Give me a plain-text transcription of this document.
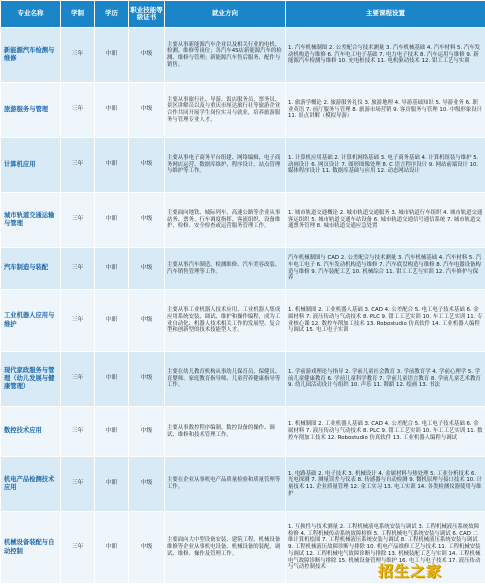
专业名称	学制	学历	职业技能等级证书	就业方向	主要课程设置
新能源汽车检测与维修	三年	中职	中级	主要从事新能源汽车企业以及相关行业的电机、检测、维修等岗位；各汽车4S店新能源汽车的检测、维修与管理；新能源汽车售后服务、配件与销售。	1. 汽车机械制图 2. 公差配合与技术测量 3. 汽车机械基础 4. 汽车材料 5. 汽车发动机构造与维修 6. 汽车电工电子基础 7. 电力电子技术 8. 汽车运用与维修 9. 新能源汽车检测与维修 10. 充电桩技术 11. 电机驱动技术 12. 钳工工艺与实训
旅游服务与管理	三年	中职	中级	主要从事旅行社、导游、饭店服务员、票务员、景区讲解员以及与重庆市厘达旅行社等旅游企业合作共同开展学生岗位实习与就业，培养旅游服务与管理专业人才。	1. 旅游学概论 2. 旅游服务礼仪 3. 旅游地理 4. 导游基础知识 5. 导游业务 6. 职业英语 7. 前厅服务与管理 8. 旅游市场营销 9. 客房服务与管理 10. 中级形象设计 11. 景点讲解（模拟导游）
计算机应用	三年	中职	中级	主要从事电子商务平台组建、网络编辑、电子商务网店运营、数据库维护、程序设计、站点管理与维护等工作。	1. 计算机应用基础 2. 计算机网络基础 3. 电子商务基础 4. 计算机组装与维护 5. 动画设计 6. 网页设计 7. 图形图像处理 8. C 语言程序设计 9. 网站前端设计 10. 媒体程序设计 11. 数据库基础与应用 12. 动态网站设计
城市轨道交通运输与管理	三年	中职	中级	主要面向地铁、城际列车、高速公路等企业从事站务、票务、行车调度指挥、客流组织、设备维护、检修、安全检查或运营服务管理工作。	1. 城市轨道交通概论 2. 城市轨道交通服务 3. 城市轨道行车组织 4. 城市轨道交通客运组织 5. 城市轨道交通车站设备 6. 城市轨道交通信号通信系统 7. 城市轨道交通票务管理 8. 城市轨道交通应急处置
汽车制造与装配	三年	中职	中级	主要从事汽车制造、检测维修、汽车美容改装、汽车销售管理等工作。	汽车机械制图与 CAD 2. 公差配合与技术测量 3. 汽车机械基础 4. 汽车材料 5. 汽车电工电子 6. 汽车发动机构造与维修 7. 汽车底盘构造与维修 8. 汽车电器设备构造与维修 9. 汽车装配工艺 10. 机械综合 11. 钳工工艺与实训 12. 汽车修护与保养
工业机器人应用与维护	三年	中职	中级	主要从事工业机器人技术应用、工业机器人集成应用系统安装、调试、维护和操作编程，成为工业自动化、机器人技术相关工作的发展型、复合型和创新型的技术技能型人才。	1. 机械制图 2. 工业机器人基础 3. CAD 4. 公差配合 5. 电工电子技术基础 6. 金属材料 7. 液压传动与气动技术 8. PLC 9. 钳工工艺实训 10. 车工工艺实训 11. 专业核心课 12. 数控车削加工技术 13. Robostudio 仿真软件 14. 工业机器人编程与调试 15. 电工电子实训
现代家政服务与管理（幼儿发展与健康管理）	三年	中职	中级	主要在幼儿教育机构从事幼儿保育员、保健员、育婴师、家庭教育指导师、儿童营养健康指导等工作。	1. 学前游戏理论与指导 2. 学前儿童社会教育 3. 学前教育学 4. 学前心理学 5. 学前儿童健康教育 6. 学前儿童科学教育 7. 学前儿童语言教育 8. 学前儿童艺术教育 9. 幼儿园活动设计与组织 10. 声乐 11. 舞蹈 12. 绘画 13. 书法
数控技术应用	三年	中职	中级	主要从事数控程序编制、数控设备的操作、调试、维修和技术管理工作。	1. 机械制图 2. 工业机器人基础 3. CAD 4. 公差配合 5. 电工电子技术基础 6. 金属材料 7. 液压传动与气动技术 8. PLC 9. 钳工工艺实训 10. 车工工艺实训 11. 数控车削加工技术 12. Robostudio 仿真软件 13. 工业机器人编程与调试
机电产品检测技术应用	三年	中职	中级	主要在企业从事机电产品质量检验和质量管理等工作。	1. 电路基础 2. 电子技术 3. 机械设计 4. 金属材料与热处理 5. 工业分析技术 6. 光电探测 7. 测量误差与仪表 8. 传感器与自动检测 9. 微机原理与接口技术 10. 计量技术 11. 企业质量管理 12. 金工实习 13. 电工实训 14. 各类检测仪器使用与维护
机械设备装配与自动控制	三年	中职	中级	主要面向大中型设备安装、建筑工程、机械设备维修等企业从事机电设备、机械设备的装配、调试、维修、操作及管理工作。	1. 互换性与技术测量 2. 工程机械液电系统安装与调试 3. 工程机械液压系统故障检修 4. 工程机械传动系统故障检修 5. 工程机械电气系统安装与调试 6. CAD 二维计算机绘图 7. 工程机械液压系统安装与调试 8. 工程机械液压系统安装与调试 9. 工程机械液压故障诊断与排除 10. 机电产品维修工艺与技术 11. 工程机械安装与调试 12. 工程机械电气故障诊断与排除 13. 机械装配工艺与实训 14. 工程机械电气故障诊断与排除 15. 机械设备管理与维护 16. 电工与电子技术 17. 液压传动与气动控制技术	招生之家
